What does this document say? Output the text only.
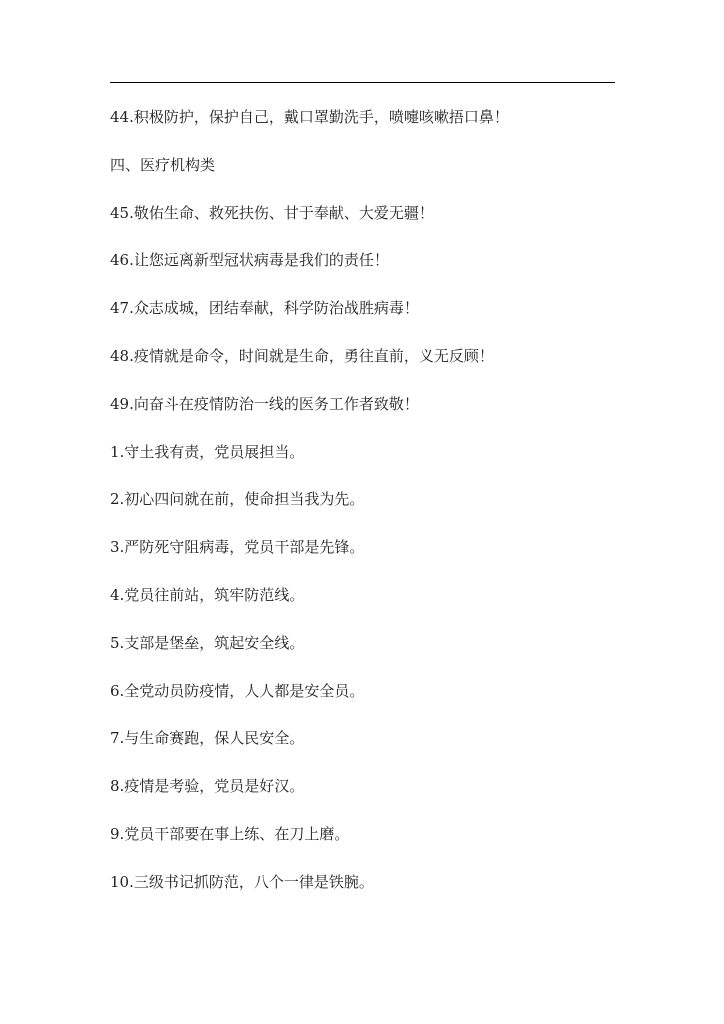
44.积极防护，保护自己，戴口罩勤洗手，喷嚏咳嗽捂口鼻！
四、医疗机构类
45.敬佑生命、救死扶伤、甘于奉献、大爱无疆！
46.让您远离新型冠状病毒是我们的责任！
47.众志成城，团结奉献，科学防治战胜病毒！
48.疫情就是命令，时间就是生命，勇往直前，义无反顾！
49.向奋斗在疫情防治一线的医务工作者致敬！
1.守土我有责，党员展担当。
2.初心四问就在前，使命担当我为先。
3.严防死守阻病毒，党员干部是先锋。
4.党员往前站，筑牢防范线。
5.支部是堡垒，筑起安全线。
6.全党动员防疫情，人人都是安全员。
7.与生命赛跑，保人民安全。
8.疫情是考验，党员是好汉。
9.党员干部要在事上练、在刀上磨。
10.三级书记抓防范，八个一律是铁腕。
